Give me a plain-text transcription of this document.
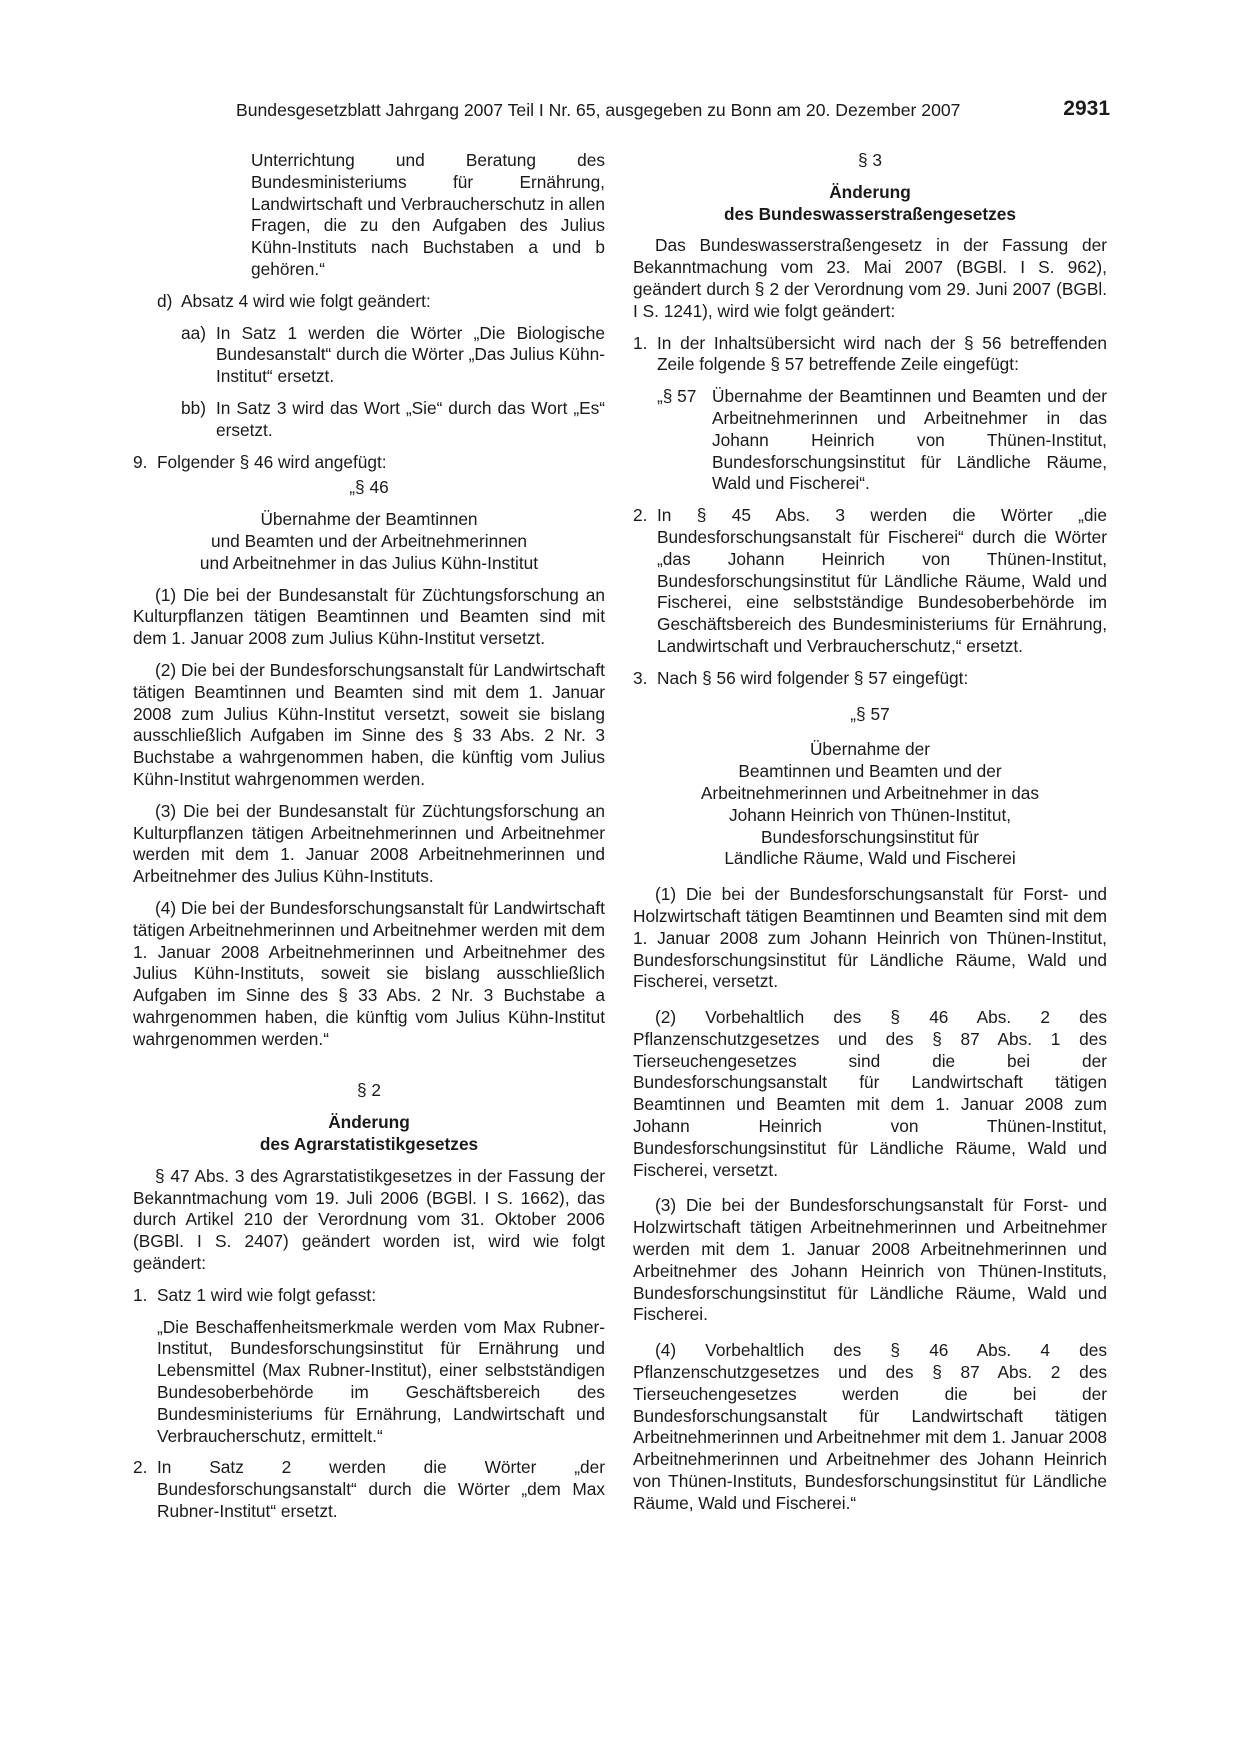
Bundesgesetzblatt Jahrgang 2007 Teil I Nr. 65, ausgegeben zu Bonn am 20. Dezember 2007	2931

Unterrichtung und Beratung des Bundesministeriums für Ernährung, Landwirtschaft und Verbraucherschutz in allen Fragen, die zu den Aufgaben des Julius Kühn-Instituts nach Buchstaben a und b gehören.“

d) Absatz 4 wird wie folgt geändert:
aa) In Satz 1 werden die Wörter „Die Biologische Bundesanstalt“ durch die Wörter „Das Julius Kühn-Institut“ ersetzt.
bb) In Satz 3 wird das Wort „Sie“ durch das Wort „Es“ ersetzt.
9. Folgender § 46 wird angefügt:

„§ 46

Übernahme der Beamtinnen

und Beamten und der Arbeitnehmerinnen

und Arbeitnehmer in das Julius Kühn-Institut

(1) Die bei der Bundesanstalt für Züchtungsforschung an Kulturpflanzen tätigen Beamtinnen und Beamten sind mit dem 1. Januar 2008 zum Julius Kühn-Institut versetzt.

(2) Die bei der Bundesforschungsanstalt für Landwirtschaft tätigen Beamtinnen und Beamten sind mit dem 1. Januar 2008 zum Julius Kühn-Institut versetzt, soweit sie bislang ausschließlich Aufgaben im Sinne des § 33 Abs. 2 Nr. 3 Buchstabe a wahrgenommen haben, die künftig vom Julius Kühn-Institut wahrgenommen werden.

(3) Die bei der Bundesanstalt für Züchtungsforschung an Kulturpflanzen tätigen Arbeitnehmerinnen und Arbeitnehmer werden mit dem 1. Januar 2008 Arbeitnehmerinnen und Arbeitnehmer des Julius Kühn-Instituts.

(4) Die bei der Bundesforschungsanstalt für Landwirtschaft tätigen Arbeitnehmerinnen und Arbeitnehmer werden mit dem 1. Januar 2008 Arbeitnehmerinnen und Arbeitnehmer des Julius Kühn-Instituts, soweit sie bislang ausschließlich Aufgaben im Sinne des § 33 Abs. 2 Nr. 3 Buchstabe a wahrgenommen haben, die künftig vom Julius Kühn-Institut wahrgenommen werden.“

§ 2

Änderung

des Agrarstatistikgesetzes

§ 47 Abs. 3 des Agrarstatistikgesetzes in der Fassung der Bekanntmachung vom 19. Juli 2006 (BGBl. I S. 1662), das durch Artikel 210 der Verordnung vom 31. Oktober 2006 (BGBl. I S. 2407) geändert worden ist, wird wie folgt geändert:

1. Satz 1 wird wie folgt gefasst:

„Die Beschaffenheitsmerkmale werden vom Max Rubner-Institut, Bundesforschungsinstitut für Ernährung und Lebensmittel (Max Rubner-Institut), einer selbstständigen Bundesoberbehörde im Geschäftsbereich des Bundesministeriums für Ernährung, Landwirtschaft und Verbraucherschutz, ermittelt.“

2. In Satz 2 werden die Wörter „der Bundesforschungsanstalt“ durch die Wörter „dem Max Rubner-Institut“ ersetzt.

§ 3

Änderung

des Bundeswasserstraßengesetzes

Das Bundeswasserstraßengesetz in der Fassung der Bekanntmachung vom 23. Mai 2007 (BGBl. I S. 962), geändert durch § 2 der Verordnung vom 29. Juni 2007 (BGBl. I S. 1241), wird wie folgt geändert:

1. In der Inhaltsübersicht wird nach der § 56 betreffenden Zeile folgende § 57 betreffende Zeile eingefügt:
„§ 57 Übernahme der Beamtinnen und Beamten und der Arbeitnehmerinnen und Arbeitnehmer in das Johann Heinrich von Thünen-Institut, Bundesforschungsinstitut für Ländliche Räume, Wald und Fischerei“.
2. In § 45 Abs. 3 werden die Wörter „die Bundesforschungsanstalt für Fischerei“ durch die Wörter „das Johann Heinrich von Thünen-Institut, Bundesforschungsinstitut für Ländliche Räume, Wald und Fischerei, eine selbstständige Bundesoberbehörde im Geschäftsbereich des Bundesministeriums für Ernährung, Landwirtschaft und Verbraucherschutz,“ ersetzt.
3. Nach § 56 wird folgender § 57 eingefügt:

„§ 57

Übernahme der

Beamtinnen und Beamten und der

Arbeitnehmerinnen und Arbeitnehmer in das

Johann Heinrich von Thünen-Institut,

Bundesforschungsinstitut für

Ländliche Räume, Wald und Fischerei

(1) Die bei der Bundesforschungsanstalt für Forst- und Holzwirtschaft tätigen Beamtinnen und Beamten sind mit dem 1. Januar 2008 zum Johann Heinrich von Thünen-Institut, Bundesforschungsinstitut für Ländliche Räume, Wald und Fischerei, versetzt.

(2) Vorbehaltlich des § 46 Abs. 2 des Pflanzenschutzgesetzes und des § 87 Abs. 1 des Tierseuchengesetzes sind die bei der Bundesforschungsanstalt für Landwirtschaft tätigen Beamtinnen und Beamten mit dem 1. Januar 2008 zum Johann Heinrich von Thünen-Institut, Bundesforschungsinstitut für Ländliche Räume, Wald und Fischerei, versetzt.

(3) Die bei der Bundesforschungsanstalt für Forst- und Holzwirtschaft tätigen Arbeitnehmerinnen und Arbeitnehmer werden mit dem 1. Januar 2008 Arbeitnehmerinnen und Arbeitnehmer des Johann Heinrich von Thünen-Instituts, Bundesforschungsinstitut für Ländliche Räume, Wald und Fischerei.

(4) Vorbehaltlich des § 46 Abs. 4 des Pflanzenschutzgesetzes und des § 87 Abs. 2 des Tierseuchengesetzes werden die bei der Bundesforschungsanstalt für Landwirtschaft tätigen Arbeitnehmerinnen und Arbeitnehmer mit dem 1. Januar 2008 Arbeitnehmerinnen und Arbeitnehmer des Johann Heinrich von Thünen-Instituts, Bundesforschungsinstitut für Ländliche Räume, Wald und Fischerei.“
